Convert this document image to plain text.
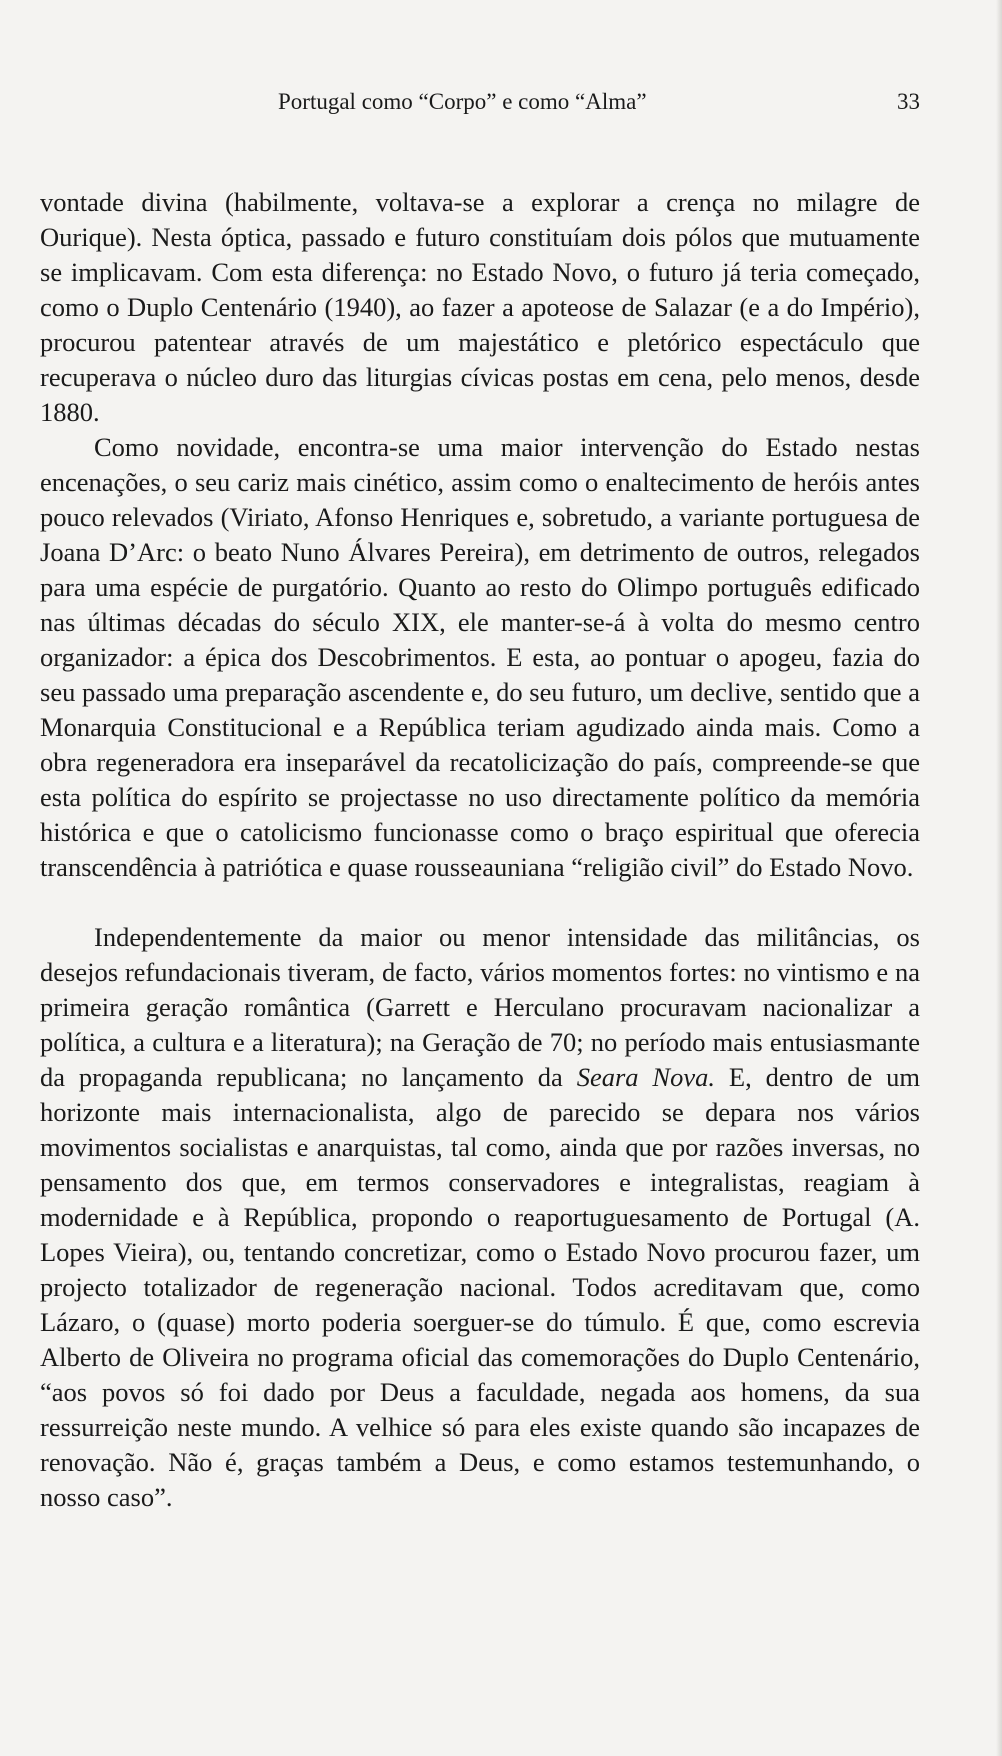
Portugal como “Corpo” e como “Alma”	33

vontade divina (habilmente, voltava-se a explorar a crença no milagre de Ourique). Nesta óptica, passado e futuro constituíam dois pólos que mutuamente se implicavam. Com esta diferença: no Estado Novo, o futuro já teria começado, como o Duplo Centenário (1940), ao fazer a apoteose de Salazar (e a do Império), procurou patentear através de um majestático e pletórico espectáculo que recuperava o núcleo duro das liturgias cívicas postas em cena, pelo menos, desde 1880.

Como novidade, encontra-se uma maior intervenção do Estado nestas encenações, o seu cariz mais cinético, assim como o enaltecimento de heróis antes pouco relevados (Viriato, Afonso Henriques e, sobretudo, a variante portuguesa de Joana D’Arc: o beato Nuno Álvares Pereira), em detrimento de outros, relegados para uma espécie de purgatório. Quanto ao resto do Olimpo português edificado nas últimas décadas do século XIX, ele manter-se-á à volta do mesmo centro organizador: a épica dos Descobrimentos. E esta, ao pontuar o apogeu, fazia do seu passado uma preparação ascendente e, do seu futuro, um declive, sentido que a Monarquia Constitucional e a República teriam agudizado ainda mais. Como a obra regeneradora era inseparável da recatolicização do país, compreende-se que esta política do espírito se projectasse no uso directamente político da memória histórica e que o catolicismo funcionasse como o braço espiritual que oferecia transcendência à patriótica e quase rousseauniana “religião civil” do Estado Novo.

Independentemente da maior ou menor intensidade das militâncias, os desejos refundacionais tiveram, de facto, vários momentos fortes: no vintismo e na primeira geração romântica (Garrett e Herculano procuravam nacionalizar a política, a cultura e a literatura); na Geração de 70; no período mais entusiasmante da propaganda republicana; no lançamento da Seara Nova. E, dentro de um horizonte mais internacionalista, algo de parecido se depara nos vários movimentos socialistas e anarquistas, tal como, ainda que por razões inversas, no pensamento dos que, em termos conservadores e integralistas, reagiam à modernidade e à República, propondo o reaportuguesamento de Portugal (A. Lopes Vieira), ou, tentando concretizar, como o Estado Novo procurou fazer, um projecto totalizador de regeneração nacional. Todos acreditavam que, como Lázaro, o (quase) morto poderia soerguer-se do túmulo. É que, como escrevia Alberto de Oliveira no programa oficial das comemorações do Duplo Centenário, “aos povos só foi dado por Deus a faculdade, negada aos homens, da sua ressurreição neste mundo. A velhice só para eles existe quando são incapazes de renovação. Não é, graças também a Deus, e como estamos testemunhando, o nosso caso”.
